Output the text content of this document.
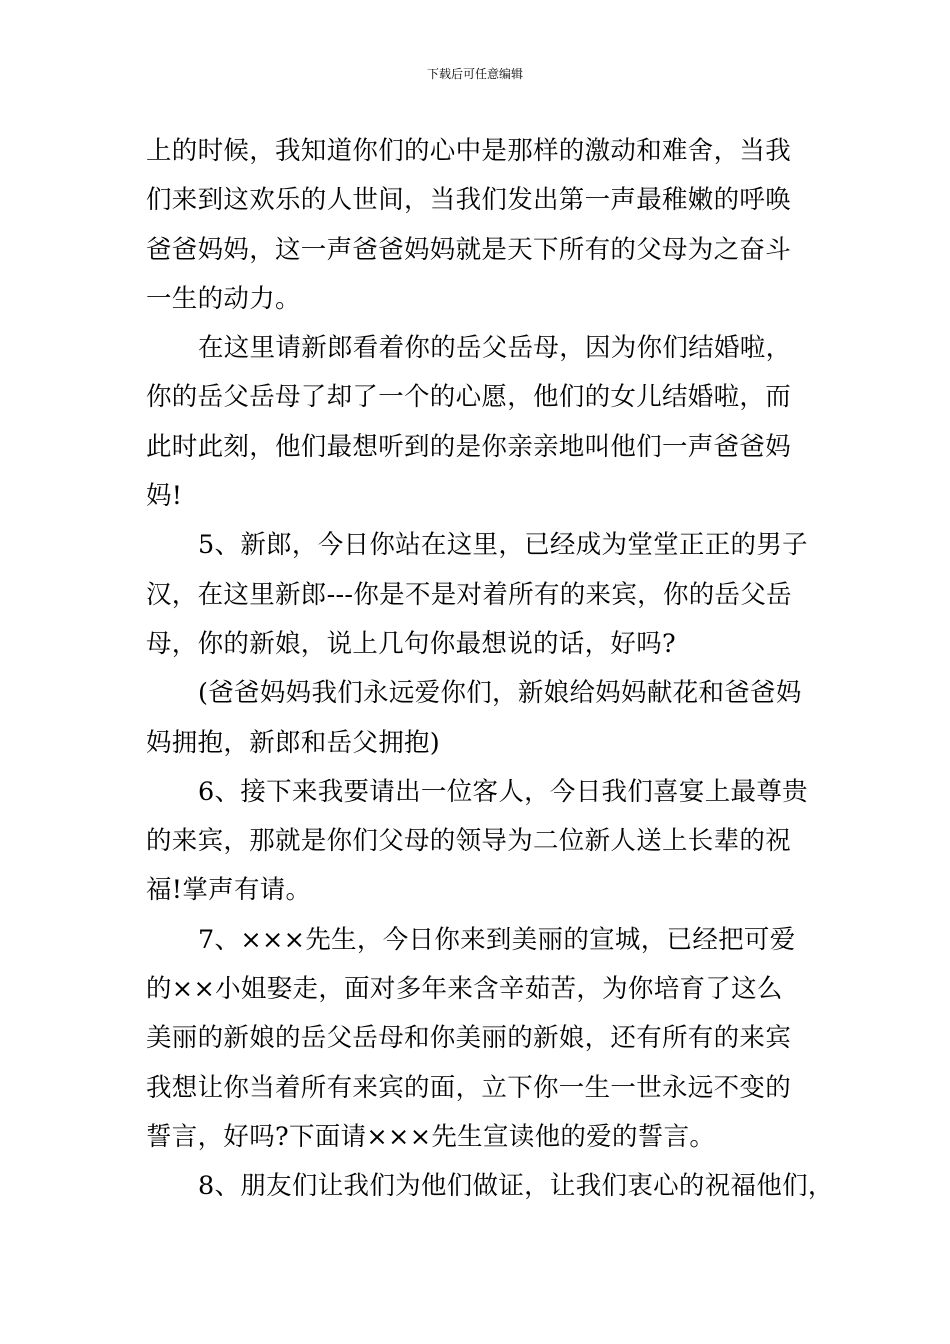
下载后可任意编辑
上的时候，我知道你们的心中是那样的激动和难舍，当我
们来到这欢乐的人世间，当我们发出第一声最稚嫩的呼唤
爸爸妈妈，这一声爸爸妈妈就是天下所有的父母为之奋斗
一生的动力。
在这里请新郎看着你的岳父岳母，因为你们结婚啦，
你的岳父岳母了却了一个的心愿，他们的女儿结婚啦，而
此时此刻，他们最想听到的是你亲亲地叫他们一声爸爸妈
妈!
5、新郎，今日你站在这里，已经成为堂堂正正的男子
汉，在这里新郎---你是不是对着所有的来宾，你的岳父岳
母，你的新娘，说上几句你最想说的话，好吗?
(爸爸妈妈我们永远爱你们，新娘给妈妈献花和爸爸妈
妈拥抱，新郎和岳父拥抱)
6、接下来我要请出一位客人，今日我们喜宴上最尊贵
的来宾，那就是你们父母的领导为二位新人送上长辈的祝
福!掌声有请。
7、×××先生，今日你来到美丽的宣城，已经把可爱
的××小姐娶走，面对多年来含辛茹苦，为你培育了这么
美丽的新娘的岳父岳母和你美丽的新娘，还有所有的来宾
我想让你当着所有来宾的面，立下你一生一世永远不变的
誓言，好吗?下面请×××先生宣读他的爱的誓言。
8、朋友们让我们为他们做证，让我们衷心的祝福他们，
